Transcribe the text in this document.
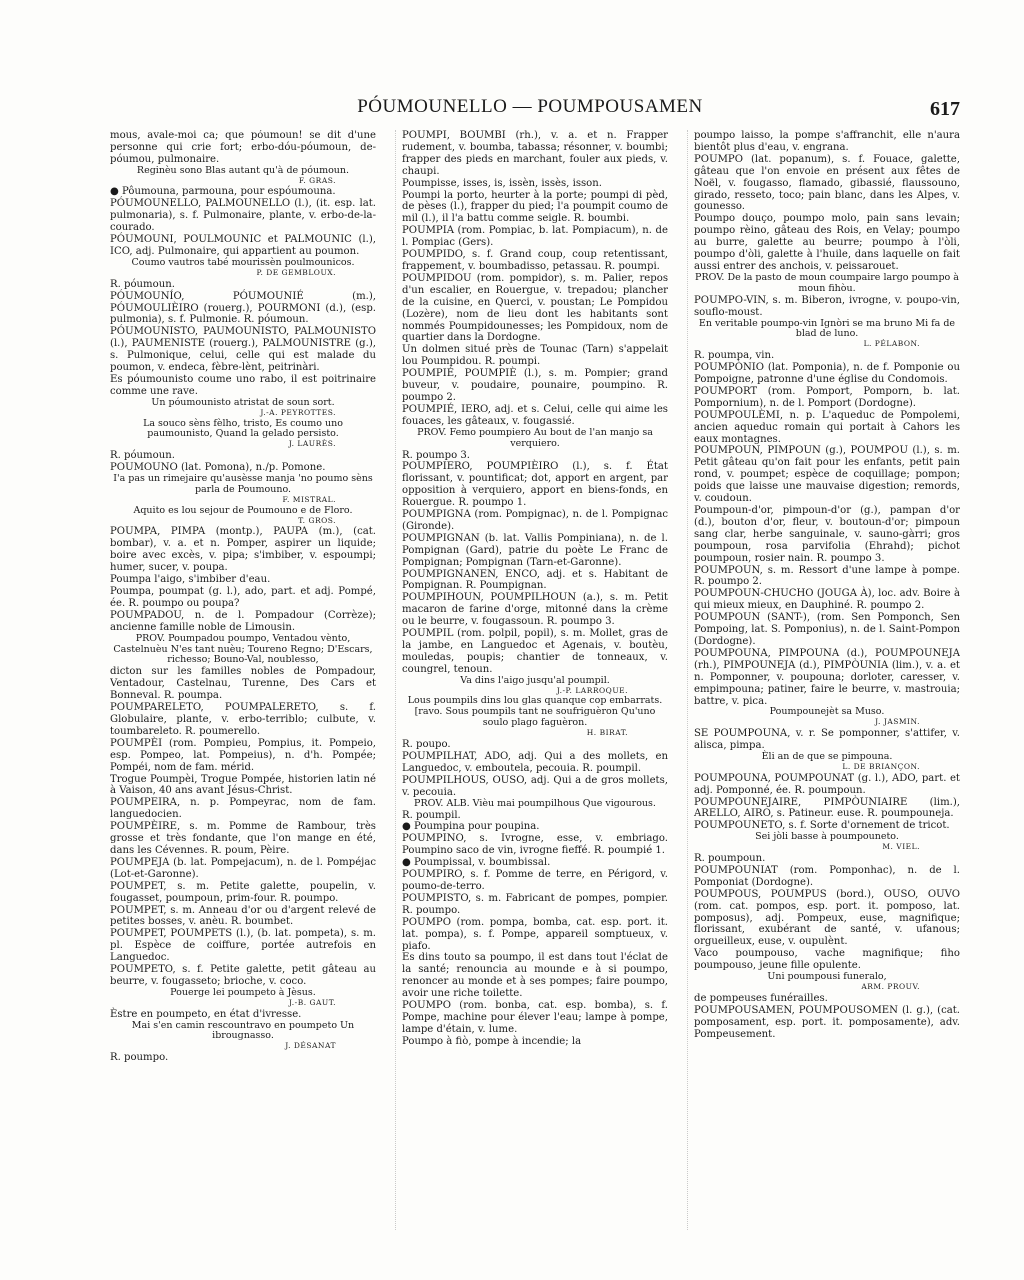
PÓUMOUNELLO — POUMPOUSAMEN	617
mous, avale-moi ca; que póumoun! se dit d'une personne qui crie fort; erbo-dóu-póumoun, de-póumou, pulmonaire.
Reginèu sono Blas autant qu'à de póumoun.
F. GRAS.
● Pôumouna, parmouna, pour espóumouna.
PÓUMOUNELLO, PALMOUNELLO (l.), (it. esp. lat. pulmonaria), s. f. Pulmonaire, plante, v. erbo-de-la-courado.
PÓUMOUNI, POULMOUNIC et PALMOUNIC (l.), ICO, adj. Pulmonaire, qui appartient au poumon.
Coumo vautros tabé mourissèn poulmounicos.
P. DE GEMBLOUX.
R. póumoun.
PÓUMOUNÍO, PÓUMOUNIÉ (m.), PÓUMOULIÈIRO (rouerg.), POURMONI (d.), (esp. pulmonia), s. f. Pulmonie. R. póumoun.
PÓUMOUNISTO, PAUMOUNISTO, PALMOUNISTO (l.), PAUMENISTE (rouerg.), PALMOUNISTRE (g.), s. Pulmonique, celui, celle qui est malade du poumon, v. endeca, fèbre-lènt, peitrinàri.
Es póumounisto coume uno rabo, il est poitrinaire comme une rave.
Un póumounisto atristat de soun sort.
J.-A. PEYROTTES.
La souco sèns fèlho, tristo, Es coumo uno paumounisto, Quand la gelado persisto.
J. LAURÈS.
R. póumoun.
POUMOUNO (lat. Pomona), n./p. Pomone.
I'a pas un rimejaire qu'ausèsse manja 'no poumo sèns parla de Poumouno.
F. MISTRAL.
Aquito es lou sejour de Poumouno e de Floro.
T. GROS.
POUMPA, PIMPA (montp.), PAUPA (m.), (cat. bombar), v. a. et n. Pomper, aspirer un liquide; boire avec excès, v. pipa; s'imbiber, v. espoumpi; humer, sucer, v. poupa.
Poumpa l'aigo, s'imbiber d'eau.
Poumpa, poumpat (g. l.), ado, part. et adj. Pompé, ée. R. poumpo ou poupa?
POUMPADOU, n. de l. Pompadour (Corrèze); ancienne famille noble de Limousin.
PROV. Poumpadou poumpo, Ventadou vènto, Castelnuèu N'es tant nuèu; Toureno Regno; D'Escars, richesso; Bouno-Val, noublesso,
dicton sur les familles nobles de Pompadour, Ventadour, Castelnau, Turenne, Des Cars et Bonneval. R. poumpa.
POUMPARELETO, POUMPALERETO, s. f. Globulaire, plante, v. erbo-terriblo; culbute, v. toumbareleto. R. poumerello.
POUMPÈI (rom. Pompieu, Pompius, it. Pompeio, esp. Pompeo, lat. Pompeius), n. d'h. Pompée; Pompéi, nom de fam. mérid.
Trogue Poumpèi, Trogue Pompée, historien latin né à Vaison, 40 ans avant Jésus-Christ.
POUMPEIRA, n. p. Pompeyrac, nom de fam. languedocien.
POUMPÈIRE, s. m. Pomme de Rambour, très grosse et très fondante, que l'on mange en été, dans les Cévennes. R. poum, Pèire.
POUMPEJA (b. lat. Pompejacum), n. de l. Pompéjac (Lot-et-Garonne).
POUMPET, s. m. Petite galette, poupelin, v. fougasset, poumpoun, prim-four. R. poumpo.
POUMPET, s. m. Anneau d'or ou d'argent relevé de petites bosses, v. anèu. R. boumbet.
POUMPET, POUMPETS (l.), (b. lat. pompeta), s. m. pl. Espèce de coiffure, portée autrefois en Languedoc.
POUMPETO, s. f. Petite galette, petit gâteau au beurre, v. fougasseto; brioche, v. coco.
Pouerge lei poumpeto à Jèsus.
J.-B. GAUT.
Èstre en poumpeto, en état d'ivresse.
Mai s'en camin rescountravo en poumpeto Un ibrougnasso.
J. DÉSANAT
R. poumpo.
POUMPI, BOUMBI (rh.), v. a. et n. Frapper rudement, v. boumba, tabassa; résonner, v. boumbi; frapper des pieds en marchant, fouler aux pieds, v. chaupi.
Poumpisse, isses, is, issèn, issès, isson.
Poumpi la porto, heurter à la porte; poumpi di pèd, de pèses (l.), frapper du pied; l'a poumpit coumo de mil (l.), il l'a battu comme seigle. R. boumbi.
POUMPIA (rom. Pompiac, b. lat. Pompiacum), n. de l. Pompiac (Gers).
POUMPIDO, s. f. Grand coup, coup retentissant, frappement, v. boumbadisso, petassau. R. poumpi.
POUMPIDOU (rom. pompidor), s. m. Palier, repos d'un escalier, en Rouergue, v. trepadou; plancher de la cuisine, en Querci, v. poustan; Le Pompidou (Lozère), nom de lieu dont les habitants sont nommés Poumpidounesses; les Pompidoux, nom de quartier dans la Dordogne.
Un dolmen situé près de Tounac (Tarn) s'appelait lou Poumpidou. R. poumpi.
POUMPIÉ, POUMPIÈ (l.), s. m. Pompier; grand buveur, v. poudaire, pounaire, poumpino. R. poumpo 2.
POUMPIÉ, IERO, adj. et s. Celui, celle qui aime les fouaces, les gâteaux, v. fougassié.
PROV. Femo poumpiero Au bout de l'an manjo sa verquiero.
R. poumpo 3.
POUMPIERO, POUMPIÈIRO (l.), s. f. État florissant, v. pountificat; dot, apport en argent, par opposition à verquiero, apport en biens-fonds, en Rouergue. R. poumpo 1.
POUMPIGNA (rom. Pompignac), n. de l. Pompignac (Gironde).
POUMPIGNAN (b. lat. Vallis Pompiniana), n. de l. Pompignan (Gard), patrie du poète Le Franc de Pompignan; Pompignan (Tarn-et-Garonne).
POUMPIGNANEN, ENCO, adj. et s. Habitant de Pompignan. R. Poumpignan.
POUMPIHOUN, POUMPILHOUN (a.), s. m. Petit macaron de farine d'orge, mitonné dans la crème ou le beurre, v. fougassoun. R. poumpo 3.
POUMPIL (rom. polpil, popil), s. m. Mollet, gras de la jambe, en Languedoc et Agenais, v. boutèu, mouledas, poupis; chantier de tonneaux, v. coungrel, tenoun.
Va dins l'aigo jusqu'al poumpil.
J.-P. LARROQUE.
Lous poumpils dins lou glas quanque cop embarrats. [ravo. Sous poumpils tant ne soufriguèron Qu'uno soulo plago faguèron.
H. BIRAT.
R. poupo.
POUMPILHAT, ADO, adj. Qui a des mollets, en Languedoc, v. emboutela, pecouia. R. poumpil.
POUMPILHOUS, OUSO, adj. Qui a de gros mollets, v. pecouia.
PROV. ALB. Vièu mai poumpilhous Que vigourous.
R. poumpil.
● Poumpina pour poupina.
POUMPINO, s. Ivrogne, esse, v. embriago. Poumpino saco de vin, ivrogne fieffé. R. poumpié 1.
● Poumpissal, v. boumbissal.
POUMPIRO, s. f. Pomme de terre, en Périgord, v. poumo-de-terro.
POUMPISTO, s. m. Fabricant de pompes, pompier. R. poumpo.
POUMPO (rom. pompa, bomba, cat. esp. port. it. lat. pompa), s. f. Pompe, appareil somptueux, v. piafo.
Es dins touto sa poumpo, il est dans tout l'éclat de la santé; renouncia au mounde e à si poumpo, renoncer au monde et à ses pompes; faire poumpo, avoir une riche toilette.
POUMPO (rom. bonba, cat. esp. bomba), s. f. Pompe, machine pour élever l'eau; lampe à pompe, lampe d'étain, v. lume.
Poumpo à fiò, pompe à incendie; la
poumpo laisso, la pompe s'affranchit, elle n'aura bientôt plus d'eau, v. engrana.
POUMPO (lat. popanum), s. f. Fouace, galette, gâteau que l'on envoie en présent aux fêtes de Noël, v. fougasso, flamado, gibassié, flaussouno, girado, resseto, toco; pain blanc, dans les Alpes, v. gounesso.
Poumpo douço, poumpo molo, pain sans levain; poumpo rèino, gâteau des Rois, en Velay; poumpo au burre, galette au beurre; poumpo à l'òli, poumpo d'òli, galette à l'huile, dans laquelle on fait aussi entrer des anchois, v. peissarouet.
PROV. De la pasto de moun coumpaire largo poumpo à moun fihòu.
POUMPO-VIN, s. m. Biberon, ivrogne, v. poupo-vin, souflo-moust.
En veritable poumpo-vin Ignòri se ma bruno Mi fa de blad de luno.
L. PÉLABON.
R. poumpa, vin.
POUMPÒNIO (lat. Pomponia), n. de f. Pomponie ou Pompoigne, patronne d'une église du Condomois.
POUMPORT (rom. Pomport, Pomporn, b. lat. Pompornium), n. de l. Pomport (Dordogne).
POUMPOULÈMI, n. p. L'aqueduc de Pompolemi, ancien aqueduc romain qui portait à Cahors les eaux montagnes.
POUMPOUN, PIMPOUN (g.), POUMPOU (l.), s. m. Petit gâteau qu'on fait pour les enfants, petit pain rond, v. poumpet; espèce de coquillage; pompon; poids que laisse une mauvaise digestion; remords, v. coudoun.
Poumpoun-d'or, pimpoun-d'or (g.), pampan d'or (d.), bouton d'or, fleur, v. boutoun-d'or; pimpoun sang clar, herbe sanguinale, v. sauno-gàrri; gros poumpoun, rosa parvifolia (Ehrahd); pichot poumpoun, rosier nain. R. poumpo 3.
POUMPOUN, s. m. Ressort d'une lampe à pompe. R. poumpo 2.
POUMPOUN-CHUCHO (JOUGA À), loc. adv. Boire à qui mieux mieux, en Dauphiné. R. poumpo 2.
POUMPOUN (SANT-), (rom. Sen Pomponch, Sen Pompoing, lat. S. Pomponius), n. de l. Saint-Pompon (Dordogne).
POUMPOUNA, PIMPOUNA (d.), POUMPOUNEJA (rh.), PIMPOUNEJA (d.), PIMPÒUNIA (lim.), v. a. et n. Pomponner, v. poupouna; dorloter, caresser, v. empimpouna; patiner, faire le beurre, v. mastrouia; battre, v. pica.
Poumpounejèt sa Muso.
J. JASMIN.
SE POUMPOUNA, v. r. Se pomponner, s'attifer, v. alisca, pimpa.
Èli an de que se pimpouna.
L. DE BRIANÇON.
POUMPOUNA, POUMPOUNAT (g. l.), ADO, part. et adj. Pomponné, ée. R. poumpoun.
POUMPOUNEJAIRE, PIMPÒUNIAIRE (lim.), ARELLO, AIRO, s. Patineur. euse. R. poumpouneja.
POUMPOUNETO, s. f. Sorte d'ornement de tricot.
Sei jòli basse à poumpouneto.
M. VIEL.
R. poumpoun.
POUMPOUNIAT (rom. Pomponhac), n. de l. Pomponiat (Dordogne).
POUMPOUS, POUMPUS (bord.), OUSO, OUVO (rom. cat. pompos, esp. port. it. pomposo, lat. pomposus), adj. Pompeux, euse, magnifique; florissant, exubérant de santé, v. ufanous; orgueilleux, euse, v. oupulènt.
Vaco poumpouso, vache magnifique; fiho poumpouso, jeune fille opulente.
Uni poumpousi funeralo,
ARM. PROUV.
de pompeuses funérailles.
POUMPOUSAMEN, POUMPOUSOMEN (l. g.), (cat. pomposament, esp. port. it. pomposamente), adv. Pompeusement.
